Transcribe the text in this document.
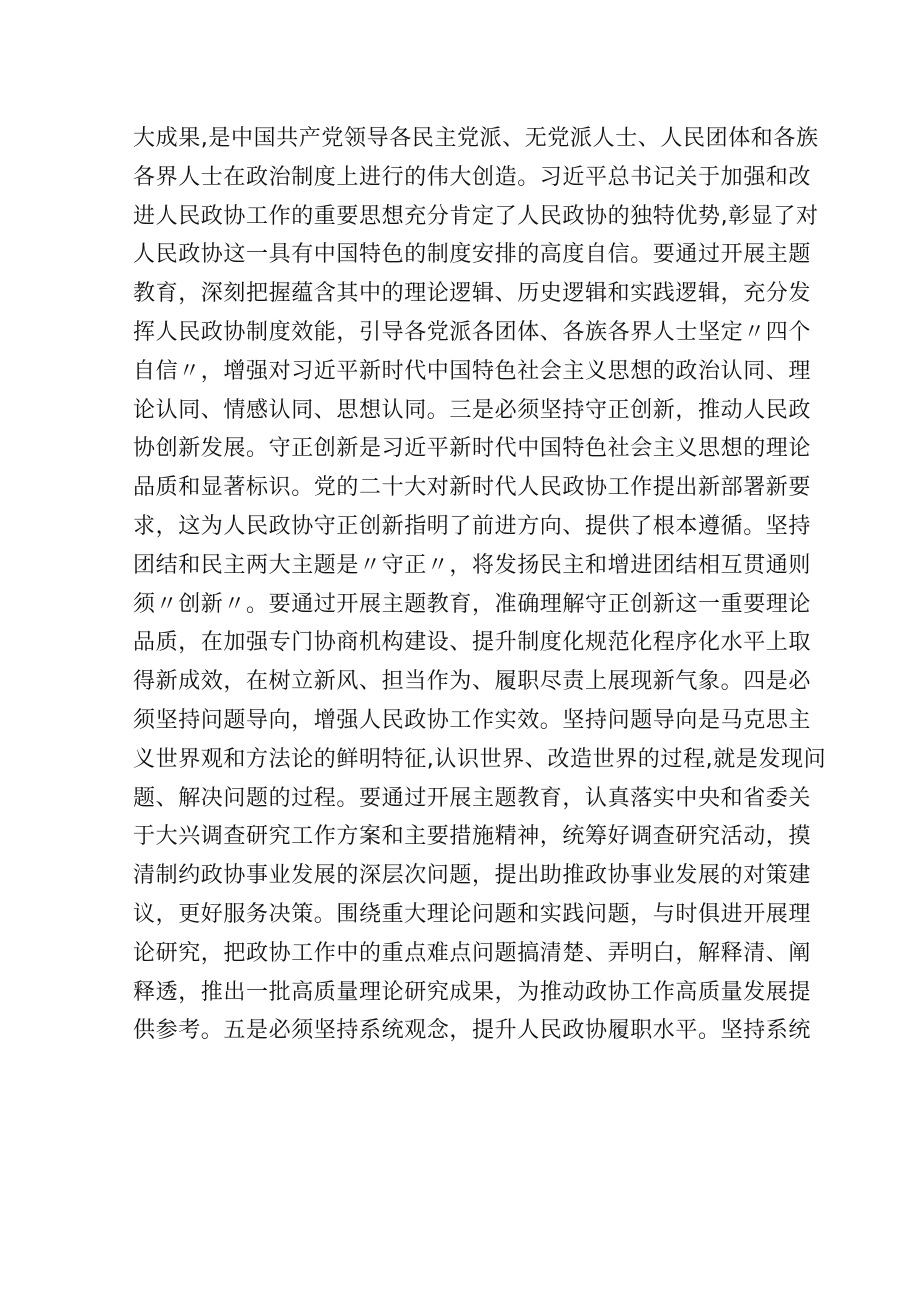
大成果,是中国共产党领导各民主党派、无党派人士、人民团体和各族
各界人士在政治制度上进行的伟大创造。习近平总书记关于加强和改
进人民政协工作的重要思想充分肯定了人民政协的独特优势,彰显了对
人民政协这一具有中国特色的制度安排的高度自信。要通过开展主题
教育，深刻把握蕴含其中的理论逻辑、历史逻辑和实践逻辑，充分发
挥人民政协制度效能，引导各党派各团体、各族各界人士坚定〃四个
自信〃，增强对习近平新时代中国特色社会主义思想的政治认同、理
论认同、情感认同、思想认同。三是必须坚持守正创新，推动人民政
协创新发展。守正创新是习近平新时代中国特色社会主义思想的理论
品质和显著标识。党的二十大对新时代人民政协工作提出新部署新要
求，这为人民政协守正创新指明了前进方向、提供了根本遵循。坚持
团结和民主两大主题是〃守正〃，将发扬民主和增进团结相互贯通则
须〃创新〃。要通过开展主题教育，准确理解守正创新这一重要理论
品质，在加强专门协商机构建设、提升制度化规范化程序化水平上取
得新成效，在树立新风、担当作为、履职尽责上展现新气象。四是必
须坚持问题导向，增强人民政协工作实效。坚持问题导向是马克思主
义世界观和方法论的鲜明特征,认识世界、改造世界的过程,就是发现问
题、解决问题的过程。要通过开展主题教育，认真落实中央和省委关
于大兴调查研究工作方案和主要措施精神，统筹好调查研究活动，摸
清制约政协事业发展的深层次问题，提出助推政协事业发展的对策建
议，更好服务决策。围绕重大理论问题和实践问题，与时俱进开展理
论研究，把政协工作中的重点难点问题搞清楚、弄明白，解释清、阐
释透，推出一批高质量理论研究成果，为推动政协工作高质量发展提
供参考。五是必须坚持系统观念，提升人民政协履职水平。坚持系统
